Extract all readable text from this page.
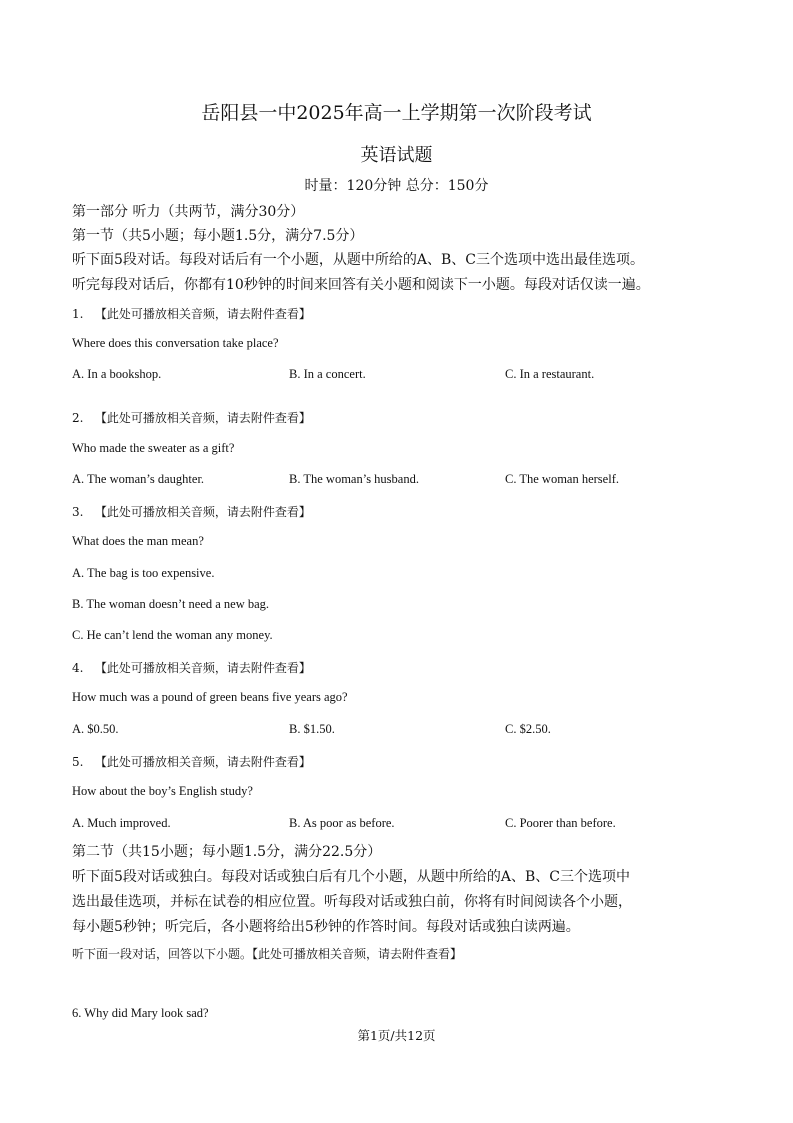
岳阳县一中2025年高一上学期第一次阶段考试
英语试题
时量：120分钟 总分：150分
第一部分 听力（共两节，满分30分）
第一节（共5小题；每小题1.5分，满分7.5分）
听下面5段对话。每段对话后有一个小题，从题中所给的A、B、C三个选项中选出最佳选项。
听完每段对话后，你都有10秒钟的时间来回答有关小题和阅读下一小题。每段对话仅读一遍。
1. 【此处可播放相关音频，请去附件查看】
Where does this conversation take place?
A. In a bookshop.	B. In a concert.	C. In a restaurant.
2. 【此处可播放相关音频，请去附件查看】
Who made the sweater as a gift?
A. The woman’s daughter.	B. The woman’s husband.	C. The woman herself.
3. 【此处可播放相关音频，请去附件查看】
What does the man mean?
A. The bag is too expensive.
B. The woman doesn’t need a new bag.
C. He can’t lend the woman any money.
4. 【此处可播放相关音频，请去附件查看】
How much was a pound of green beans five years ago?
A. $0.50.	B. $1.50.	C. $2.50.
5. 【此处可播放相关音频，请去附件查看】
How about the boy’s English study?
A. Much improved.	B. As poor as before.	C. Poorer than before.
第二节（共15小题；每小题1.5分，满分22.5分）
听下面5段对话或独白。每段对话或独白后有几个小题，从题中所给的A、B、C三个选项中
选出最佳选项，并标在试卷的相应位置。听每段对话或独白前，你将有时间阅读各个小题，
每小题5秒钟；听完后，各小题将给出5秒钟的作答时间。每段对话或独白读两遍。
听下面一段对话，回答以下小题。【此处可播放相关音频，请去附件查看】
6. Why did Mary look sad?
第1页/共12页
